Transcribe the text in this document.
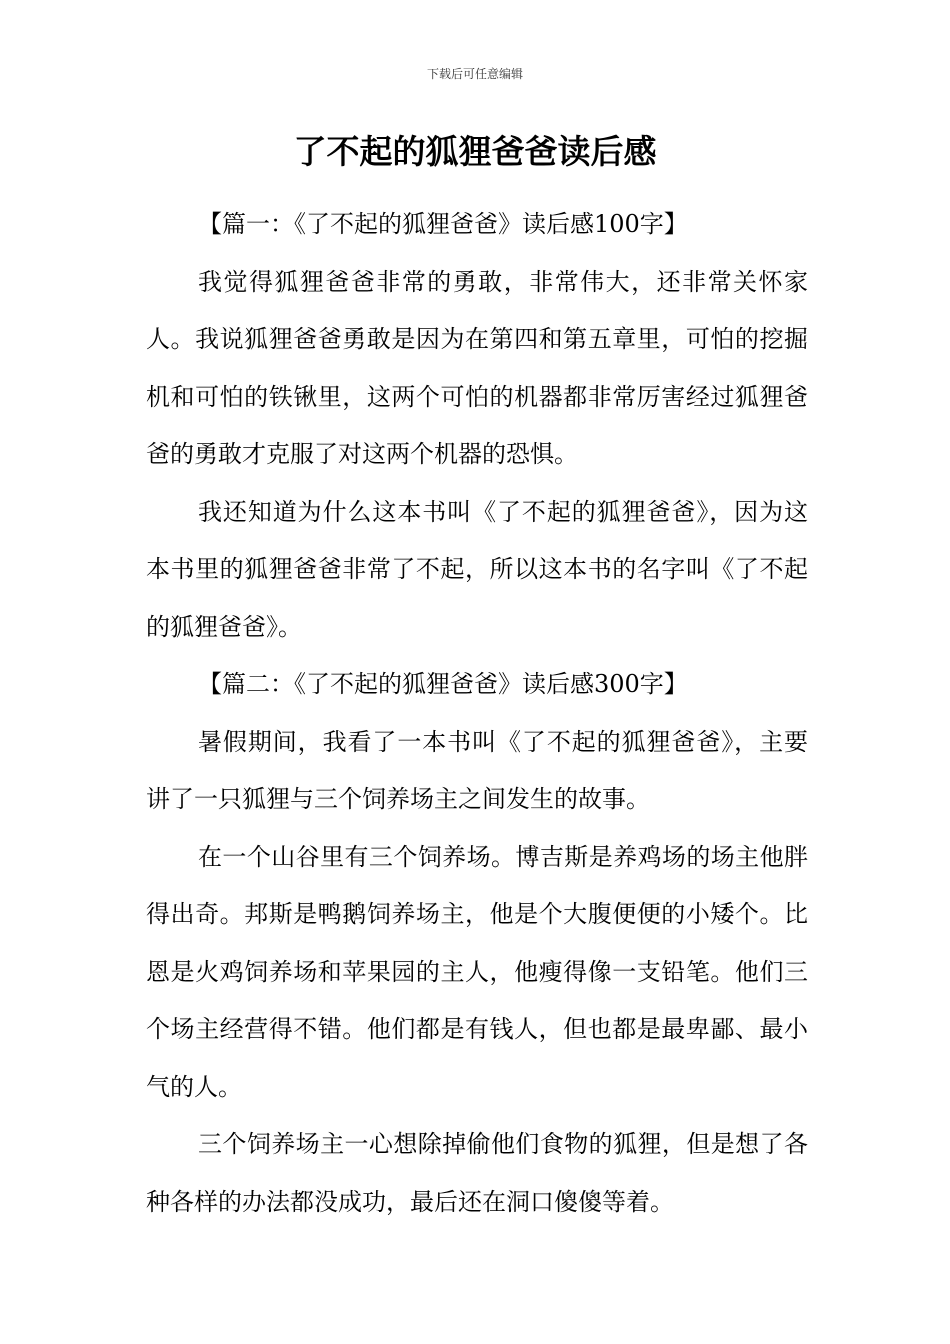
下载后可任意编辑
了不起的狐狸爸爸读后感

【篇一：《了不起的狐狸爸爸》读后感100字】

我觉得狐狸爸爸非常的勇敢，非常伟大，还非常关怀家人。我说狐狸爸爸勇敢是因为在第四和第五章里，可怕的挖掘机和可怕的铁锹里，这两个可怕的机器都非常厉害经过狐狸爸爸的勇敢才克服了对这两个机器的恐惧。

我还知道为什么这本书叫《了不起的狐狸爸爸》，因为这本书里的狐狸爸爸非常了不起，所以这本书的名字叫《了不起的狐狸爸爸》。

【篇二：《了不起的狐狸爸爸》读后感300字】

暑假期间，我看了一本书叫《了不起的狐狸爸爸》，主要讲了一只狐狸与三个饲养场主之间发生的故事。

在一个山谷里有三个饲养场。博吉斯是养鸡场的场主他胖得出奇。邦斯是鸭鹅饲养场主，他是个大腹便便的小矮个。比恩是火鸡饲养场和苹果园的主人，他瘦得像一支铅笔。他们三个场主经营得不错。他们都是有钱人，但也都是最卑鄙、最小气的人。

三个饲养场主一心想除掉偷他们食物的狐狸，但是想了各种各样的办法都没成功，最后还在洞口傻傻等着。
